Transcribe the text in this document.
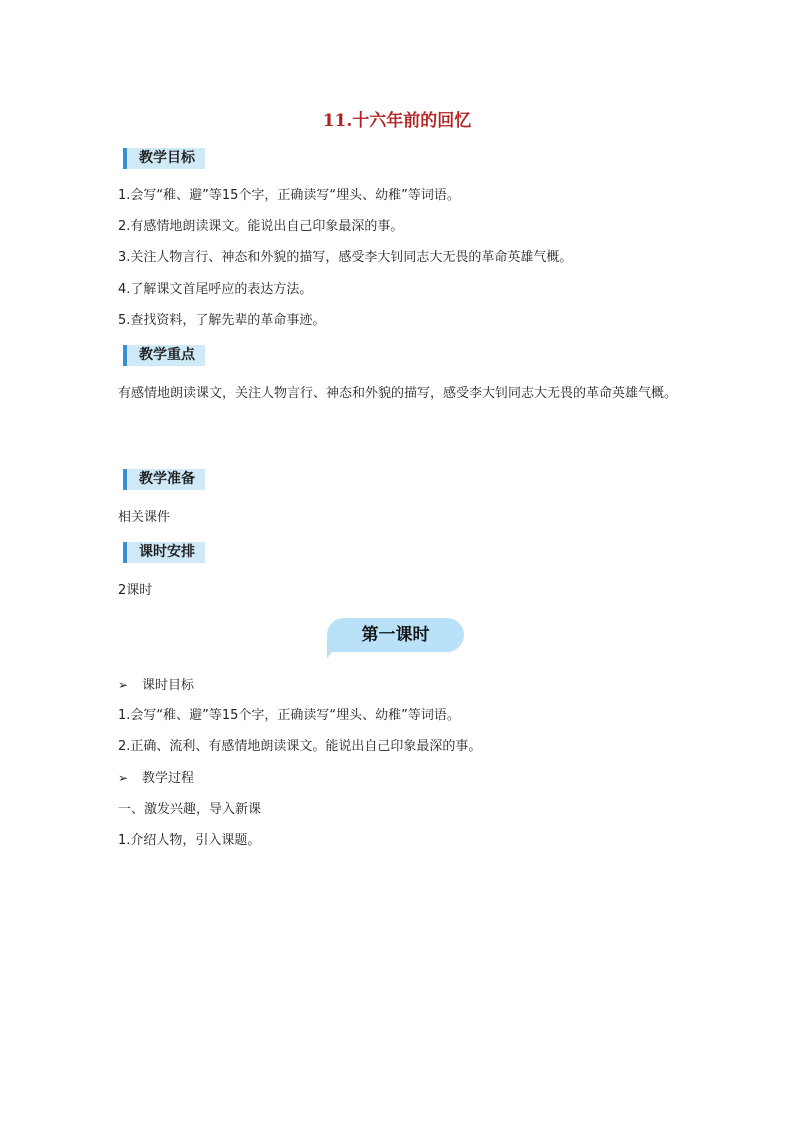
11.十六年前的回忆
教学目标
1.会写“稚、避”等15个字，正确读写“埋头、幼稚”等词语。
2.有感情地朗读课文。能说出自己印象最深的事。
3.关注人物言行、神态和外貌的描写，感受李大钊同志大无畏的革命英雄气概。
4.了解课文首尾呼应的表达方法。
5.查找资料，了解先辈的革命事迹。
教学重点
有感情地朗读课文，关注人物言行、神态和外貌的描写，感受李大钊同志大无畏的革命英雄气概。
教学准备
相关课件
课时安排
2课时
第一课时
➢ 课时目标
1.会写“稚、避”等15个字，正确读写“埋头、幼稚”等词语。
2.正确、流利、有感情地朗读课文。能说出自己印象最深的事。
➢ 教学过程
一、激发兴趣，导入新课
1.介绍人物，引入课题。
